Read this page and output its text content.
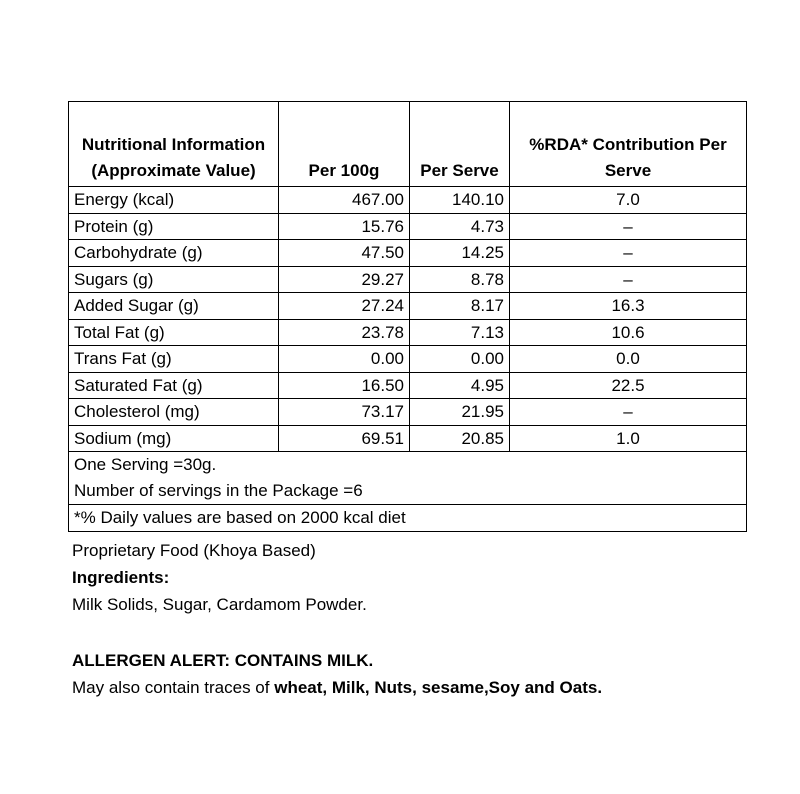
Nutritional Information
(Approximate Value)	Per 100g	Per Serve	%RDA* Contribution Per Serve
Energy (kcal)	467.00	140.10	7.0
Protein (g)	15.76	4.73	–
Carbohydrate (g)	47.50	14.25	–
Sugars (g)	29.27	8.78	–
Added Sugar (g)	27.24	8.17	16.3
Total Fat (g)	23.78	7.13	10.6
Trans Fat (g)	0.00	0.00	0.0
Saturated Fat (g)	16.50	4.95	22.5
Cholesterol (mg)	73.17	21.95	–
Sodium (mg)	69.51	20.85	1.0

One Serving =30g.
Number of servings in the Package =6			

*% Daily values are based on 2000 kcal diet			
Proprietary Food (Khoya Based)
Ingredients:
Milk Solids, Sugar, Cardamom Powder.
ALLERGEN ALERT: CONTAINS MILK.
May also contain traces of wheat, Milk, Nuts, sesame,Soy and Oats.
